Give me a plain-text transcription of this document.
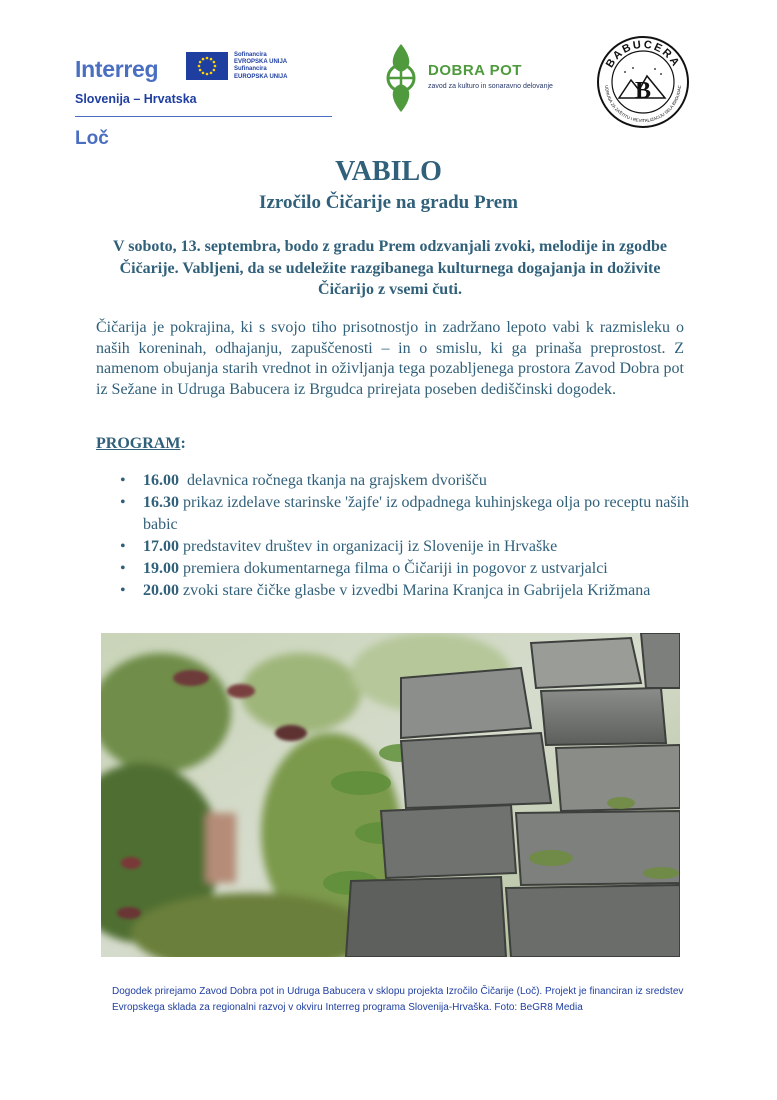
Interreg
Sofinancira
EVROPSKA UNIJA
Sufinancira
EUROPSKA UNIJA
Slovenija – Hrvatska
Loč
DOBRA POT
zavod za kulturo in sonaravno delovanje
BABUCERA
UDRUGA ZA ZAŠTITU I REVITALIZACIJU SELA BRGUDAC
B
VABILO
Izročilo Čičarije na gradu Prem
V soboto, 13. septembra, bodo z gradu Prem odzvanjali zvoki, melodije in zgodbe Čičarije. Vabljeni, da se udeležite razgibanega kulturnega dogajanja in doživite Čičarijo z vsemi čuti.
Čičarija je pokrajina, ki s svojo tiho prisotnostjo in zadržano lepoto vabi k razmisleku o naših koreninah, odhajanju, zapuščenosti – in o smislu, ki ga prinaša preprostost. Z namenom obujanja starih vrednot in oživljanja tega pozabljenega prostora Zavod Dobra pot iz Sežane in Udruga Babucera iz Brgudca prirejata poseben dediščinski dogodek.
PROGRAM:
• 16.00 delavnica ročnega tkanja na grajskem dvorišču
• 16.30 prikaz izdelave starinske 'žajfe' iz odpadnega kuhinjskega olja po receptu naših babic
• 17.00 predstavitev društev in organizacij iz Slovenije in Hrvaške
• 19.00 premiera dokumentarnega filma o Čičariji in pogovor z ustvarjalci
• 20.00 zvoki stare čičke glasbe v izvedbi Marina Kranjca in Gabrijela Križmana
Dogodek prirejamo Zavod Dobra pot in Udruga Babucera v sklopu projekta Izročilo Čičarije (Loč). Projekt je financiran iz sredstev Evropskega sklada za regionalni razvoj v okviru Interreg programa Slovenija-Hrvaška. Foto: BeGR8 Media
